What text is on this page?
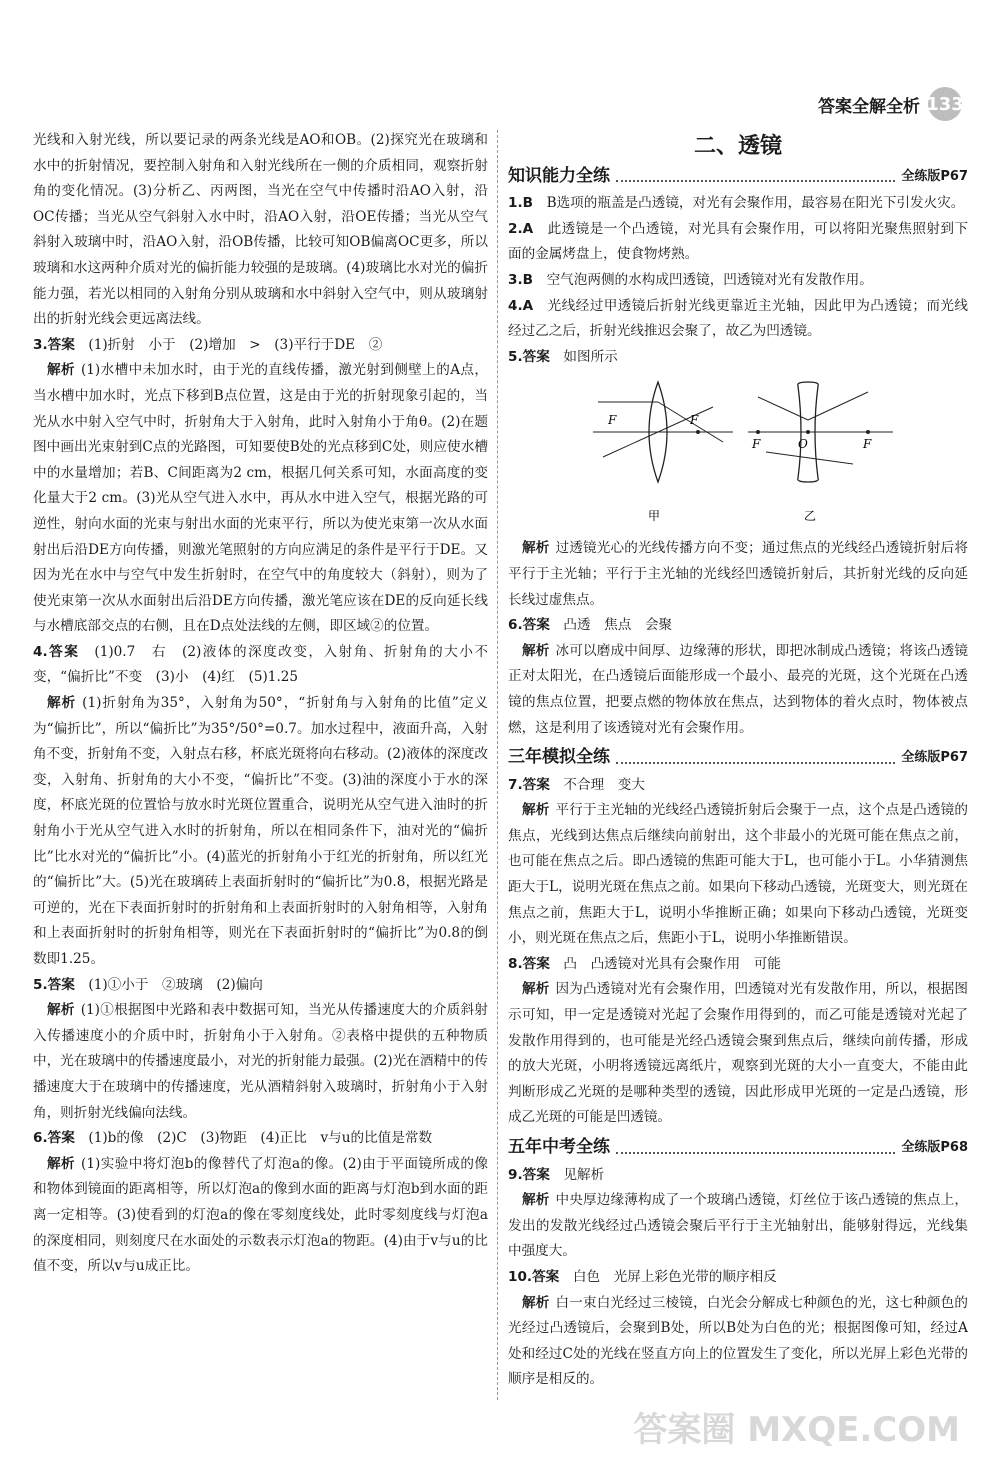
答案全解全析 133

光线和入射光线，所以要记录的两条光线是AO和OB。(2)探究光在玻璃和水中的折射情况，要控制入射角和入射光线所在一侧的介质相同，观察折射角的变化情况。(3)分析乙、丙两图，当光在空气中传播时沿AO入射，沿OC传播；当光从空气斜射入水中时，沿AO入射，沿OE传播；当光从空气斜射入玻璃中时，沿AO入射，沿OB传播，比较可知OB偏离OC更多，所以玻璃和水这两种介质对光的偏折能力较强的是玻璃。(4)玻璃比水对光的偏折能力强，若光以相同的入射角分别从玻璃和水中斜射入空气中，则从玻璃射出的折射光线会更远离法线。

3.答案　 (1)折射　小于　(2)增加　>　(3)平行于DE　②

解析 (1)水槽中未加水时，由于光的直线传播，激光射到侧壁上的A点，当水槽中加水时，光点下移到B点位置，这是由于光的折射现象引起的，当光从水中射入空气中时，折射角大于入射角，此时入射角小于角θ。(2)在题图中画出光束射到C点的光路图，可知要使B处的光点移到C处，则应使水槽中的水量增加；若B、C间距离为2 cm，根据几何关系可知，水面高度的变化量大于2 cm。(3)光从空气进入水中，再从水中进入空气，根据光路的可逆性，射向水面的光束与射出水面的光束平行，所以为使光束第一次从水面射出后沿DE方向传播，则激光笔照射的方向应满足的条件是平行于DE。又因为光在水中与空气中发生折射时，在空气中的角度较大（斜射），则为了使光束第一次从水面射出后沿DE方向传播，激光笔应该在DE的反向延长线与水槽底部交点的右侧，且在D点处法线的左侧，即区域②的位置。

4.答案　 (1)0.7　右　(2)液体的深度改变，入射角、折射角的大小不变，“偏折比”不变　(3)小　(4)红　(5)1.25

解析 (1)折射角为35°，入射角为50°，“折射角与入射角的比值”定义为“偏折比”，所以“偏折比”为35°/50°=0.7。加水过程中，液面升高，入射角不变，折射角不变，入射点右移，杯底光斑将向右移动。(2)液体的深度改变，入射角、折射角的大小不变，“偏折比”不变。(3)油的深度小于水的深度，杯底光斑的位置恰与放水时光斑位置重合，说明光从空气进入油时的折射角小于光从空气进入水时的折射角，所以在相同条件下，油对光的“偏折比”比水对光的“偏折比”小。(4)蓝光的折射角小于红光的折射角，所以红光的“偏折比”大。(5)光在玻璃砖上表面折射时的“偏折比”为0.8，根据光路是可逆的，光在下表面折射时的折射角和上表面折射时的入射角相等，入射角和上表面折射时的折射角相等，则光在下表面折射时的“偏折比”为0.8的倒数即1.25。

5.答案　 (1)①小于　②玻璃　(2)偏向

解析 (1)①根据图中光路和表中数据可知，当光从传播速度大的介质斜射入传播速度小的介质中时，折射角小于入射角。②表格中提供的五种物质中，光在玻璃中的传播速度最小，对光的折射能力最强。(2)光在酒精中的传播速度大于在玻璃中的传播速度，光从酒精斜射入玻璃时，折射角小于入射角，则折射光线偏向法线。

6.答案　 (1)b的像　(2)C　(3)物距　(4)正比　v与u的比值是常数

解析 (1)实验中将灯泡b的像替代了灯泡a的像。(2)由于平面镜所成的像和物体到镜面的距离相等，所以灯泡a的像到水面的距离与灯泡b到水面的距离一定相等。(3)使看到的灯泡a的像在零刻度线处，此时零刻度线与灯泡a的深度相同，则刻度尺在水面处的示数表示灯泡a的物距。(4)由于v与u的比值不变，所以v与u成正比。

二、透镜
知识能力全练	全练版P67

1.B　 B选项的瓶盖是凸透镜，对光有会聚作用，最容易在阳光下引发火灾。

2.A　 此透镜是一个凸透镜，对光具有会聚作用，可以将阳光聚焦照射到下面的金属烤盘上，使食物烤熟。

3.B　 空气泡两侧的水构成凹透镜，凹透镜对光有发散作用。

4.A　 光线经过甲透镜后折射光线更靠近主光轴，因此甲为凸透镜；而光线经过乙之后，折射光线推迟会聚了，故乙为凹透镜。

5.答案　 如图所示

F
F
甲
F	O	F
乙

解析 过透镜光心的光线传播方向不变；通过焦点的光线经凸透镜折射后将平行于主光轴；平行于主光轴的光线经凹透镜折射后，其折射光线的反向延长线过虚焦点。

6.答案　 凸透　焦点　会聚

解析 冰可以磨成中间厚、边缘薄的形状，即把冰制成凸透镜；将该凸透镜正对太阳光，在凸透镜后面能形成一个最小、最亮的光斑，这个光斑在凸透镜的焦点位置，把要点燃的物体放在焦点，达到物体的着火点时，物体被点燃，这是利用了该透镜对光有会聚作用。

三年模拟全练	全练版P67

7.答案　 不合理　变大

解析 平行于主光轴的光线经凸透镜折射后会聚于一点，这个点是凸透镜的焦点，光线到达焦点后继续向前射出，这个非最小的光斑可能在焦点之前，也可能在焦点之后。即凸透镜的焦距可能大于L，也可能小于L。小华猜测焦距大于L，说明光斑在焦点之前。如果向下移动凸透镜，光斑变大，则光斑在焦点之前，焦距大于L，说明小华推断正确；如果向下移动凸透镜，光斑变小，则光斑在焦点之后，焦距小于L，说明小华推断错误。

8.答案　 凸　凸透镜对光具有会聚作用　可能

解析 因为凸透镜对光有会聚作用，凹透镜对光有发散作用，所以，根据图示可知，甲一定是透镜对光起了会聚作用得到的，而乙可能是透镜对光起了发散作用得到的，也可能是光经凸透镜会聚到焦点后，继续向前传播，形成的放大光斑，小明将透镜远离纸片，观察到光斑的大小一直变大，不能由此判断形成乙光斑的是哪种类型的透镜，因此形成甲光斑的一定是凸透镜，形成乙光斑的可能是凹透镜。

五年中考全练	全练版P68

9.答案　 见解析

解析 中央厚边缘薄构成了一个玻璃凸透镜，灯丝位于该凸透镜的焦点上，发出的发散光线经过凸透镜会聚后平行于主光轴射出，能够射得远，光线集中强度大。

10.答案　 白色　光屏上彩色光带的顺序相反

解析 白一束白光经过三棱镜，白光会分解成七种颜色的光，这七种颜色的光经过凸透镜后，会聚到B处，所以B处为白色的光；根据图像可知，经过A处和经过C处的光线在竖直方向上的位置发生了变化，所以光屏上彩色光带的顺序是相反的。

答案圈 MXQE.COM
